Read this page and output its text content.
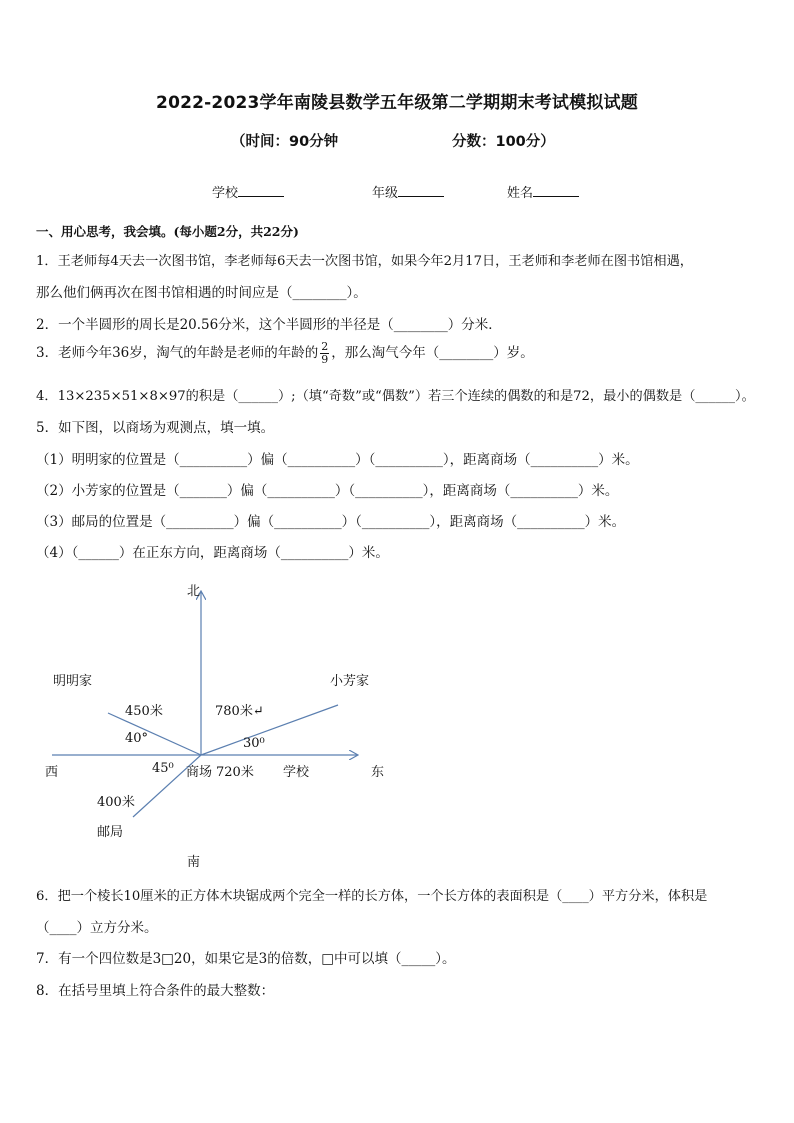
2022-2023学年南陵县数学五年级第二学期期末考试模拟试题
（时间：90分钟	分数：100分）
学校	年级	姓名
一、用心思考，我会填。(每小题2分，共22分)
1．王老师每4天去一次图书馆，李老师每6天去一次图书馆，如果今年2月17日，王老师和李老师在图书馆相遇，
那么他们俩再次在图书馆相遇的时间应是（________）。
2．一个半圆形的周长是20.56分米，这个半圆形的半径是（________）分米．
3．老师今年36岁，淘气的年龄是老师的年龄的 $\frac{2}{9}$ ，那么淘气今年（________）岁。
4．13×235×51×8×97的积是（______）;（填“奇数”或“偶数”）若三个连续的偶数的和是72，最小的偶数是（______）。
5．如下图，以商场为观测点，填一填。
（1）明明家的位置是（__________）偏（__________）（__________），距离商场（__________）米。
（2）小芳家的位置是（_______）偏（__________）（__________），距离商场（__________）米。
（3）邮局的位置是（__________）偏（__________）（__________），距离商场（__________）米。
（4）（______）在正东方向，距离商场（__________）米。
北
明明家	小芳家
450米	780米↵
40°	30⁰
西	45⁰ 商场 720米 学校	东
400米
邮局
南
6．把一个棱长10厘米的正方体木块锯成两个完全一样的长方体，一个长方体的表面积是（____）平方分米，体积是
（____）立方分米。
7．有一个四位数是3□20，如果它是3的倍数，□中可以填（_____）。
8．在括号里填上符合条件的最大整数：
